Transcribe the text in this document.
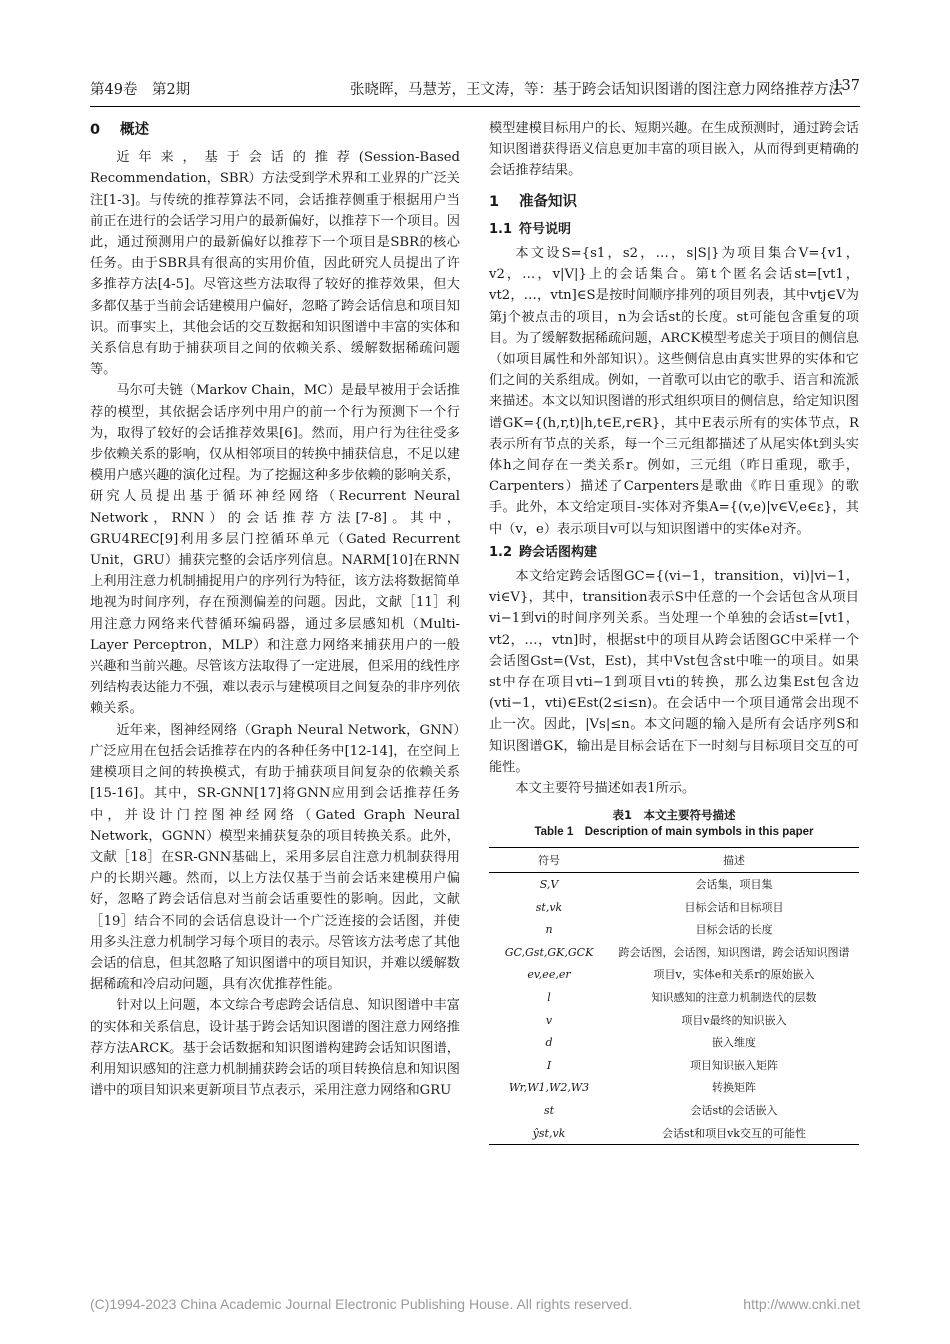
第49卷　第2期	张晓晖，马慧芳，王文涛，等：基于跨会话知识图谱的图注意力网络推荐方法
137
0 概述

近年来，基于会话的推荐(Session-Based Recommendation，SBR）方法受到学术界和工业界的广泛关注[1-3]。与传统的推荐算法不同，会话推荐侧重于根据用户当前正在进行的会话学习用户的最新偏好，以推荐下一个项目。因此，通过预测用户的最新偏好以推荐下一个项目是SBR的核心任务。由于SBR具有很高的实用价值，因此研究人员提出了许多推荐方法[4-5]。尽管这些方法取得了较好的推荐效果，但大多都仅基于当前会话建模用户偏好，忽略了跨会话信息和项目知识。而事实上，其他会话的交互数据和知识图谱中丰富的实体和关系信息有助于捕获项目之间的依赖关系、缓解数据稀疏问题等。

马尔可夫链（Markov Chain，MC）是最早被用于会话推荐的模型，其依据会话序列中用户的前一个行为预测下一个行为，取得了较好的会话推荐效果[6]。然而，用户行为往往受多步依赖关系的影响，仅从相邻项目的转换中捕获信息，不足以建模用户感兴趣的演化过程。为了挖掘这种多步依赖的影响关系，研究人员提出基于循环神经网络（Recurrent Neural Network，RNN）的会话推荐方法[7-8]。其中，GRU4REC[9]利用多层门控循环单元（Gated Recurrent Unit，GRU）捕获完整的会话序列信息。NARM[10]在RNN上利用注意力机制捕捉用户的序列行为特征，该方法将数据简单地视为时间序列，存在预测偏差的问题。因此，文献［11］利用注意力网络来代替循环编码器，通过多层感知机（Multi-Layer Perceptron，MLP）和注意力网络来捕获用户的一般兴趣和当前兴趣。尽管该方法取得了一定进展，但采用的线性序列结构表达能力不强，难以表示与建模项目之间复杂的非序列依赖关系。

近年来，图神经网络（Graph Neural Network，GNN）广泛应用在包括会话推荐在内的各种任务中[12-14]，在空间上建模项目之间的转换模式，有助于捕获项目间复杂的依赖关系[15-16]。其中，SR-GNN[17]将GNN应用到会话推荐任务中，并设计门控图神经网络（Gated Graph Neural Network，GGNN）模型来捕获复杂的项目转换关系。此外，文献［18］在SR-GNN基础上，采用多层自注意力机制获得用户的长期兴趣。然而，以上方法仅基于当前会话来建模用户偏好，忽略了跨会话信息对当前会话重要性的影响。因此，文献［19］结合不同的会话信息设计一个广泛连接的会话图，并使用多头注意力机制学习每个项目的表示。尽管该方法考虑了其他会话的信息，但其忽略了知识图谱中的项目知识，并难以缓解数据稀疏和冷启动问题，具有次优推荐性能。

针对以上问题，本文综合考虑跨会话信息、知识图谱中丰富的实体和关系信息，设计基于跨会话知识图谱的图注意力网络推荐方法ARCK。基于会话数据和知识图谱构建跨会话知识图谱，利用知识感知的注意力机制捕获跨会话的项目转换信息和知识图谱中的项目知识来更新项目节点表示，采用注意力网络和GRU

模型建模目标用户的长、短期兴趣。在生成预测时，通过跨会话知识图谱获得语义信息更加丰富的项目嵌入，从而得到更精确的会话推荐结果。

1 准备知识
1.1 符号说明

本文设S={s1，s2，…，s|S|}为项目集合V={v1，v2，…，v|V|}上的会话集合。第t个匿名会话st=[vt1，vt2，…，vtn]∈S是按时间顺序排列的项目列表，其中vtj∈V为第j个被点击的项目，n为会话st的长度。st可能包含重复的项目。为了缓解数据稀疏问题，ARCK模型考虑关于项目的侧信息（如项目属性和外部知识）。这些侧信息由真实世界的实体和它们之间的关系组成。例如，一首歌可以由它的歌手、语言和流派来描述。本文以知识图谱的形式组织项目的侧信息，给定知识图谱GK={(h,r,t)|h,t∈E,r∈R}，其中E表示所有的实体节点，R表示所有节点的关系，每一个三元组都描述了从尾实体t到头实体h之间存在一类关系r。例如，三元组（昨日重现，歌手，Carpenters）描述了Carpenters是歌曲《昨日重现》的歌手。此外，本文给定项目-实体对齐集A={(v,e)|v∈V,e∈ε}，其中（v，e）表示项目v可以与知识图谱中的实体e对齐。

1.2 跨会话图构建

本文给定跨会话图GC={(vi−1，transition，vi)|vi−1，vi∈V}，其中，transition表示S中任意的一个会话包含从项目vi−1到vi的时间序列关系。当处理一个单独的会话st=[vt1，vt2，…，vtn]时，根据st中的项目从跨会话图GC中采样一个会话图Gst=(Vst，Est)，其中Vst包含st中唯一的项目。如果st中存在项目vti−1到项目vti的转换，那么边集Est包含边(vti−1，vti)∈Est(2≤i≤n)。在会话中一个项目通常会出现不止一次。因此，|Vs|≤n。本文问题的输入是所有会话序列S和知识图谱GK，输出是目标会话在下一时刻与目标项目交互的可能性。

本文主要符号描述如表1所示。

表1　本文主要符号描述
Table 1　Description of main symbols in this paper
符号	描述
S,V	会话集，项目集
st,vk	目标会话和目标项目
n	目标会话的长度
GC,Gst,GK,GCK	跨会话图，会话图，知识图谱，跨会话知识图谱
ev,ee,er	项目v，实体e和关系r的原始嵌入
l	知识感知的注意力机制迭代的层数
v	项目v最终的知识嵌入
d	嵌入维度
I	项目知识嵌入矩阵
Wr,W1,W2,W3	转换矩阵
st	会话st的会话嵌入
ŷst,vk	会话st和项目vk交互的可能性
(C)1994-2023 China Academic Journal Electronic Publishing House. All rights reserved.	http://www.cnki.net
